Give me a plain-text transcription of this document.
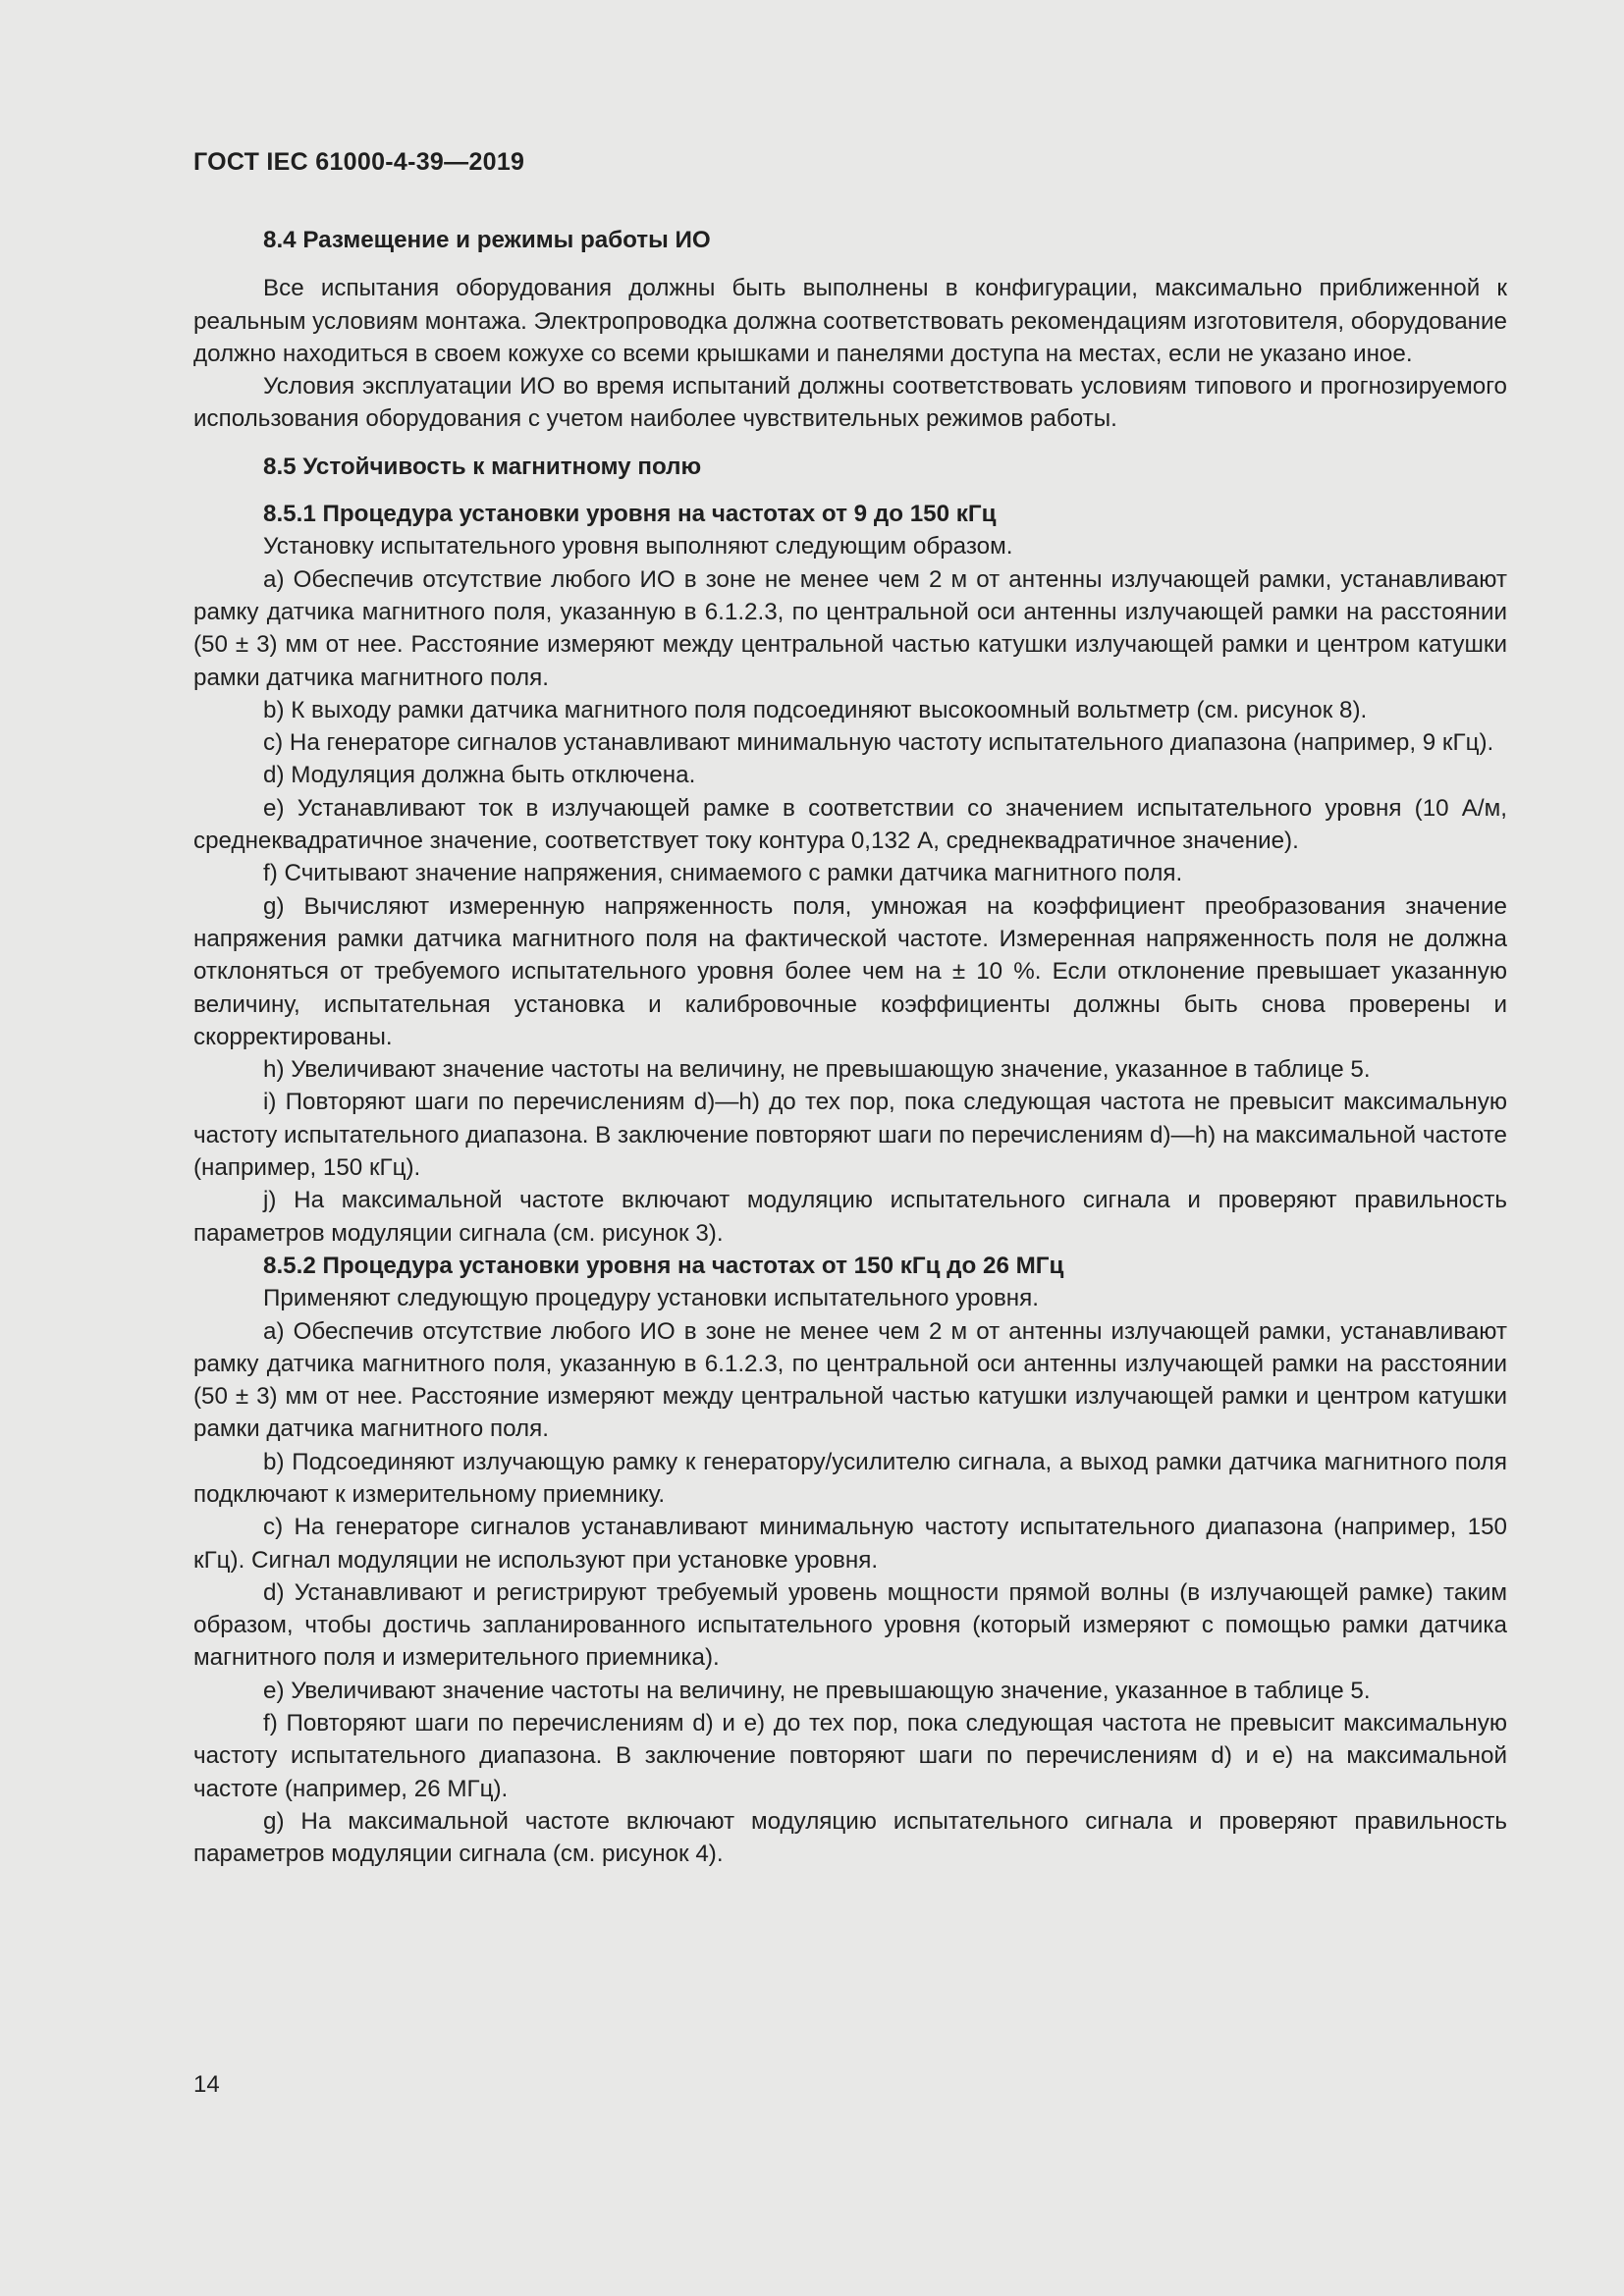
ГОСТ IEC 61000-4-39—2019

8.4 Размещение и режимы работы ИО

Все испытания оборудования должны быть выполнены в конфигурации, максимально приближенной к реальным условиям монтажа. Электропроводка должна соответствовать рекомендациям изготовителя, оборудование должно находиться в своем кожухе со всеми крышками и панелями доступа на местах, если не указано иное.

Условия эксплуатации ИО во время испытаний должны соответствовать условиям типового и прогнозируемого использования оборудования с учетом наиболее чувствительных режимов работы.

8.5 Устойчивость к магнитному полю

8.5.1 Процедура установки уровня на частотах от 9 до 150 кГц

Установку испытательного уровня выполняют следующим образом.

a) Обеспечив отсутствие любого ИО в зоне не менее чем 2 м от антенны излучающей рамки, устанавливают рамку датчика магнитного поля, указанную в 6.1.2.3, по центральной оси антенны излучающей рамки на расстоянии (50 ± 3) мм от нее. Расстояние измеряют между центральной частью катушки излучающей рамки и центром катушки рамки датчика магнитного поля.

b) К выходу рамки датчика магнитного поля подсоединяют высокоомный вольтметр (см. рисунок 8).

c) На генераторе сигналов устанавливают минимальную частоту испытательного диапазона (например, 9 кГц).

d) Модуляция должна быть отключена.

e) Устанавливают ток в излучающей рамке в соответствии со значением испытательного уровня (10 А/м, среднеквадратичное значение, соответствует току контура 0,132 А, среднеквадратичное значение).

f) Считывают значение напряжения, снимаемого с рамки датчика магнитного поля.

g) Вычисляют измеренную напряженность поля, умножая на коэффициент преобразования значение напряжения рамки датчика магнитного поля на фактической частоте. Измеренная напряженность поля не должна отклоняться от требуемого испытательного уровня более чем на ± 10 %. Если отклонение превышает указанную величину, испытательная установка и калибровочные коэффициенты должны быть снова проверены и скорректированы.

h) Увеличивают значение частоты на величину, не превышающую значение, указанное в таблице 5.

i) Повторяют шаги по перечислениям d)—h) до тех пор, пока следующая частота не превысит максимальную частоту испытательного диапазона. В заключение повторяют шаги по перечислениям d)—h) на максимальной частоте (например, 150 кГц).

j) На максимальной частоте включают модуляцию испытательного сигнала и проверяют правильность параметров модуляции сигнала (см. рисунок 3).

8.5.2 Процедура установки уровня на частотах от 150 кГц до 26 МГц

Применяют следующую процедуру установки испытательного уровня.

a) Обеспечив отсутствие любого ИО в зоне не менее чем 2 м от антенны излучающей рамки, устанавливают рамку датчика магнитного поля, указанную в 6.1.2.3, по центральной оси антенны излучающей рамки на расстоянии (50 ± 3) мм от нее. Расстояние измеряют между центральной частью катушки излучающей рамки и центром катушки рамки датчика магнитного поля.

b) Подсоединяют излучающую рамку к генератору/усилителю сигнала, а выход рамки датчика магнитного поля подключают к измерительному приемнику.

c) На генераторе сигналов устанавливают минимальную частоту испытательного диапазона (например, 150 кГц). Сигнал модуляции не используют при установке уровня.

d) Устанавливают и регистрируют требуемый уровень мощности прямой волны (в излучающей рамке) таким образом, чтобы достичь запланированного испытательного уровня (который измеряют с помощью рамки датчика магнитного поля и измерительного приемника).

e) Увеличивают значение частоты на величину, не превышающую значение, указанное в таблице 5.

f) Повторяют шаги по перечислениям d) и e) до тех пор, пока следующая частота не превысит максимальную частоту испытательного диапазона. В заключение повторяют шаги по перечислениям d) и e) на максимальной частоте (например, 26 МГц).

g) На максимальной частоте включают модуляцию испытательного сигнала и проверяют правильность параметров модуляции сигнала (см. рисунок 4).

14
